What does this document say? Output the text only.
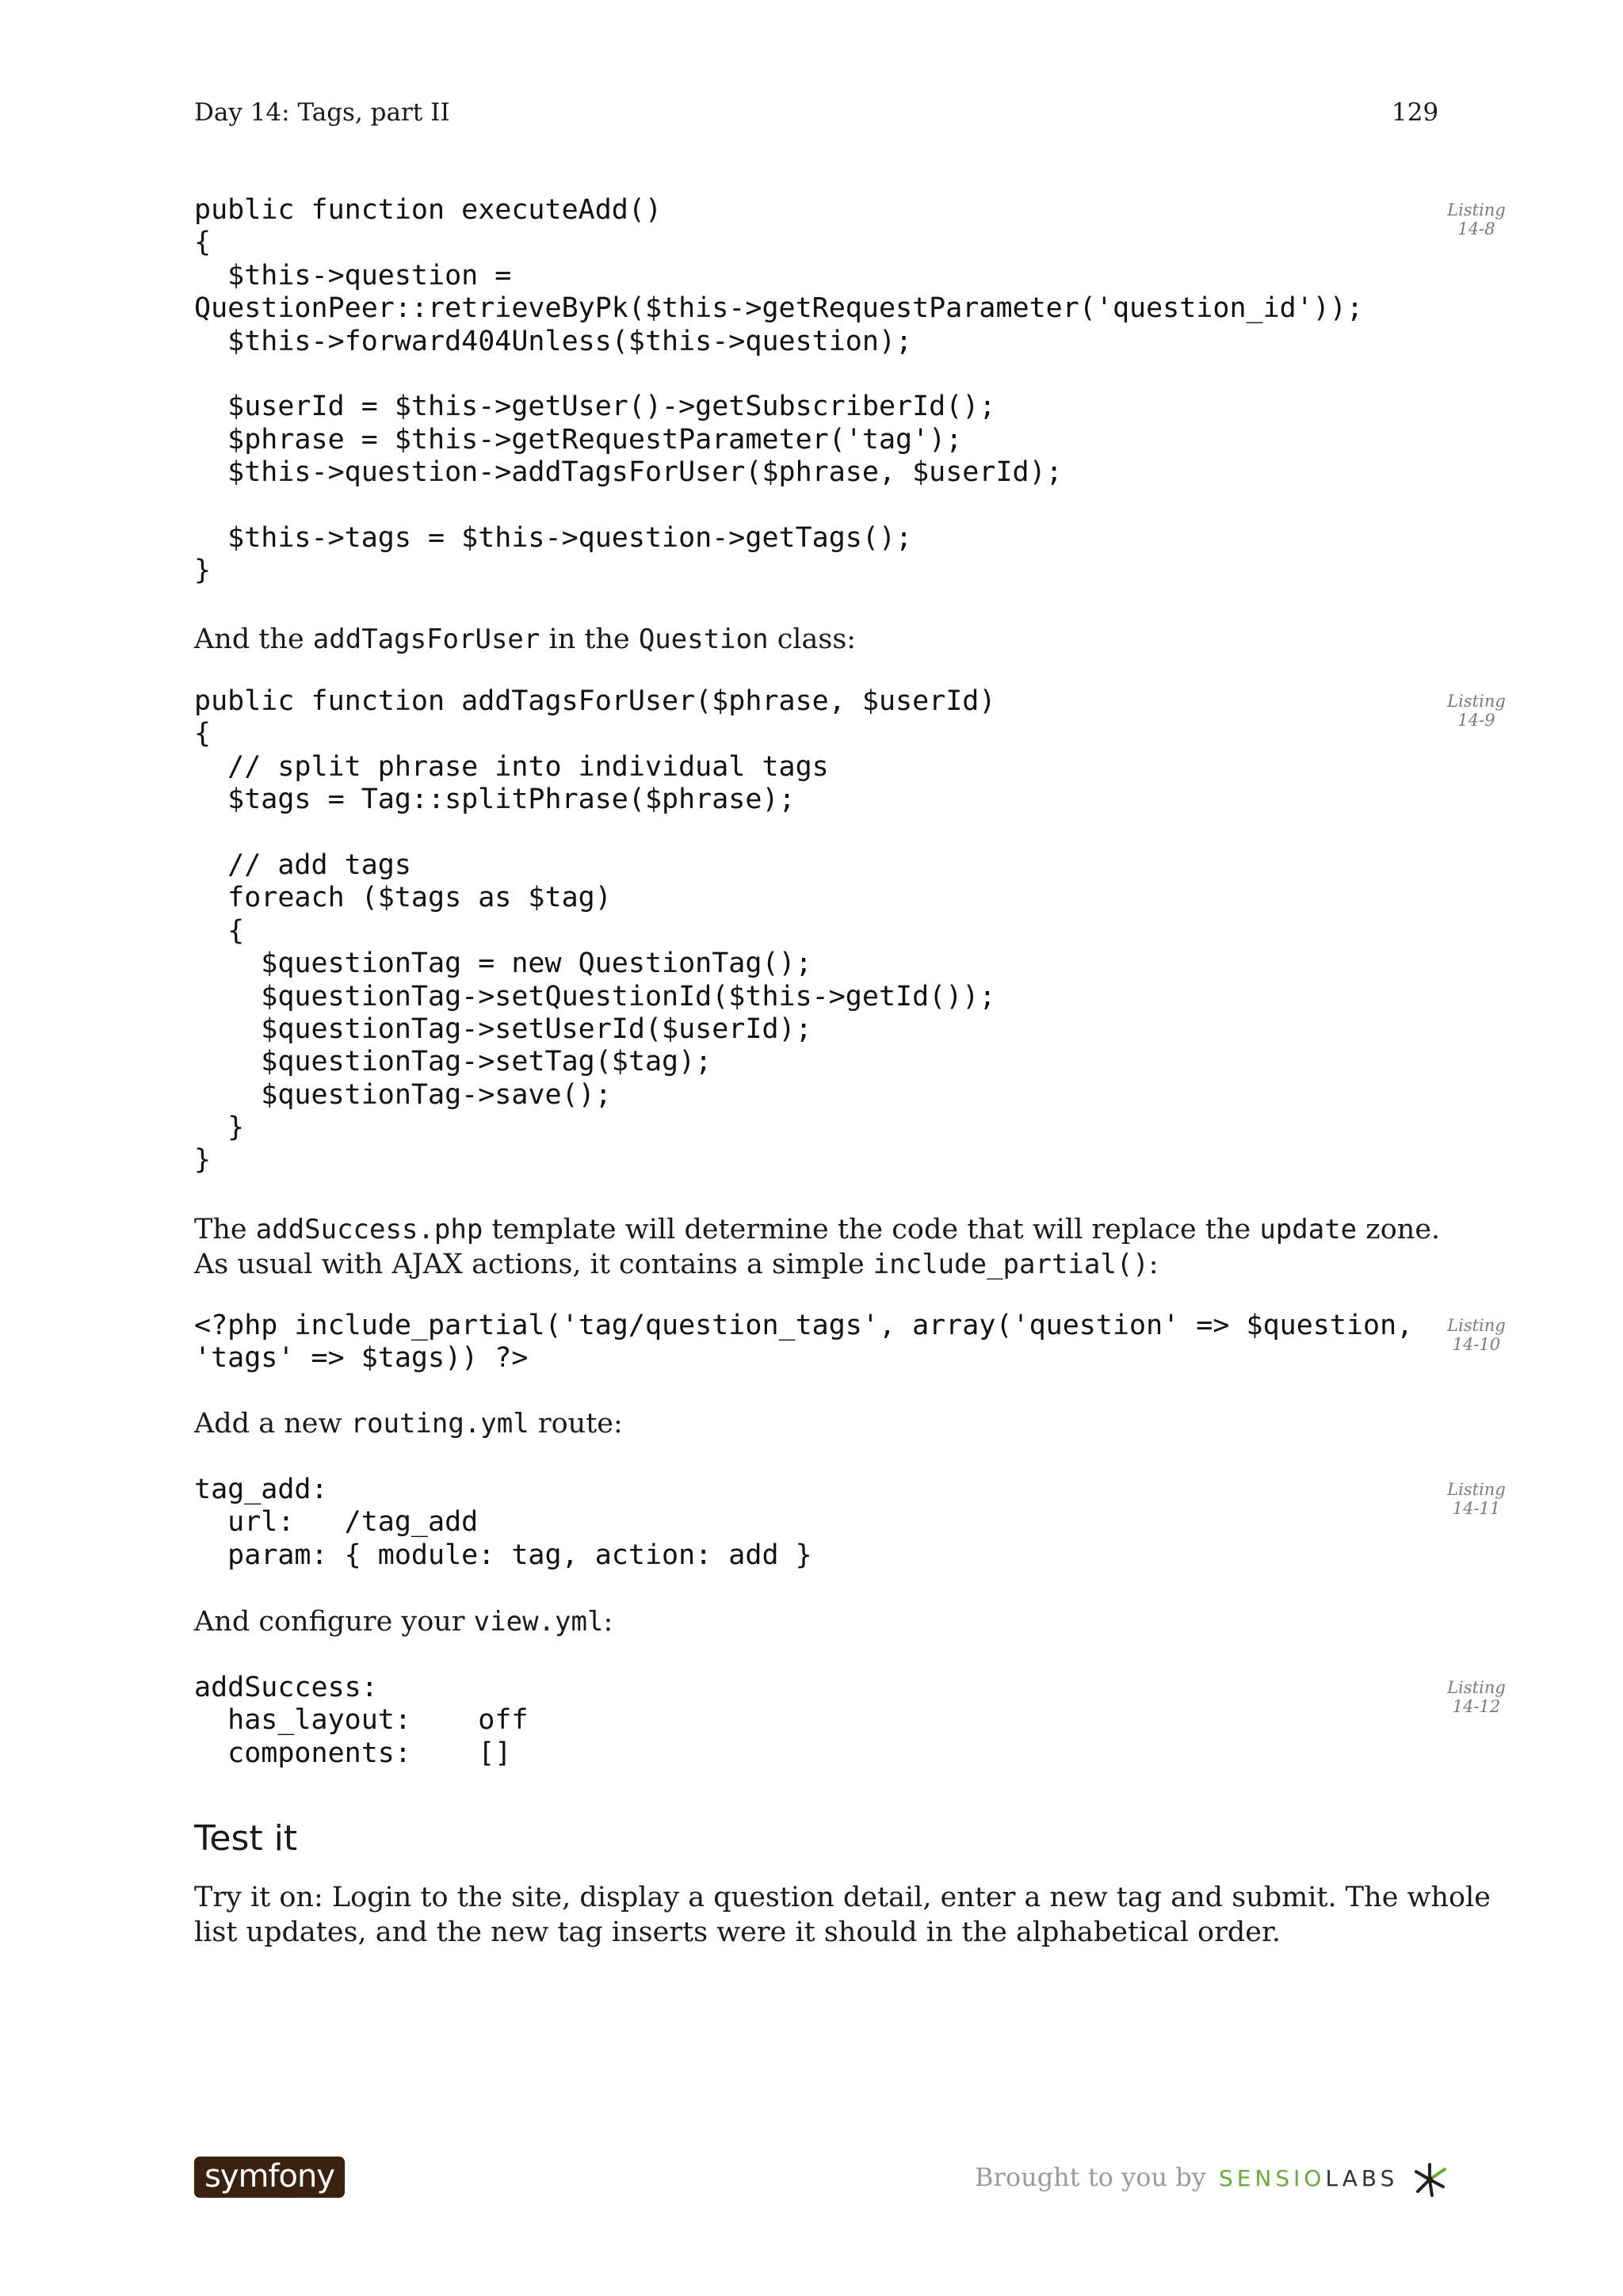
Day 14: Tags, part II	129
public function executeAdd()
{
$this->question =
QuestionPeer::retrieveByPk($this->getRequestParameter('question_id'));
$this->forward404Unless($this->question);

$userId = $this->getUser()->getSubscriberId();
$phrase = $this->getRequestParameter('tag');
$this->question->addTagsForUser($phrase, $userId);

$this->tags = $this->question->getTags();
}
Listing
14-8
And the addTagsForUser in the Question class:
public function addTagsForUser($phrase, $userId)
{
// split phrase into individual tags
$tags = Tag::splitPhrase($phrase);

// add tags
foreach ($tags as $tag)
{
$questionTag = new QuestionTag();
$questionTag->setQuestionId($this->getId());
$questionTag->setUserId($userId);
$questionTag->setTag($tag);
$questionTag->save();
}
}
Listing
14-9
The addSuccess.php template will determine the code that will replace the update zone.
As usual with AJAX actions, it contains a simple include_partial():
<?php include_partial('tag/question_tags', array('question' => $question,
'tags' => $tags)) ?>
Listing
14-10
Add a new routing.yml route:
tag_add:
url:   /tag_add
param: { module: tag, action: add }
Listing
14-11
And configure your view.yml:
addSuccess:
has_layout:    off
components:    []
Listing
14-12
Test it
Try it on: Login to the site, display a question detail, enter a new tag and submit. The whole
list updates, and the new tag inserts were it should in the alphabetical order.
symfony	Brought to you by SENSIOLABS
